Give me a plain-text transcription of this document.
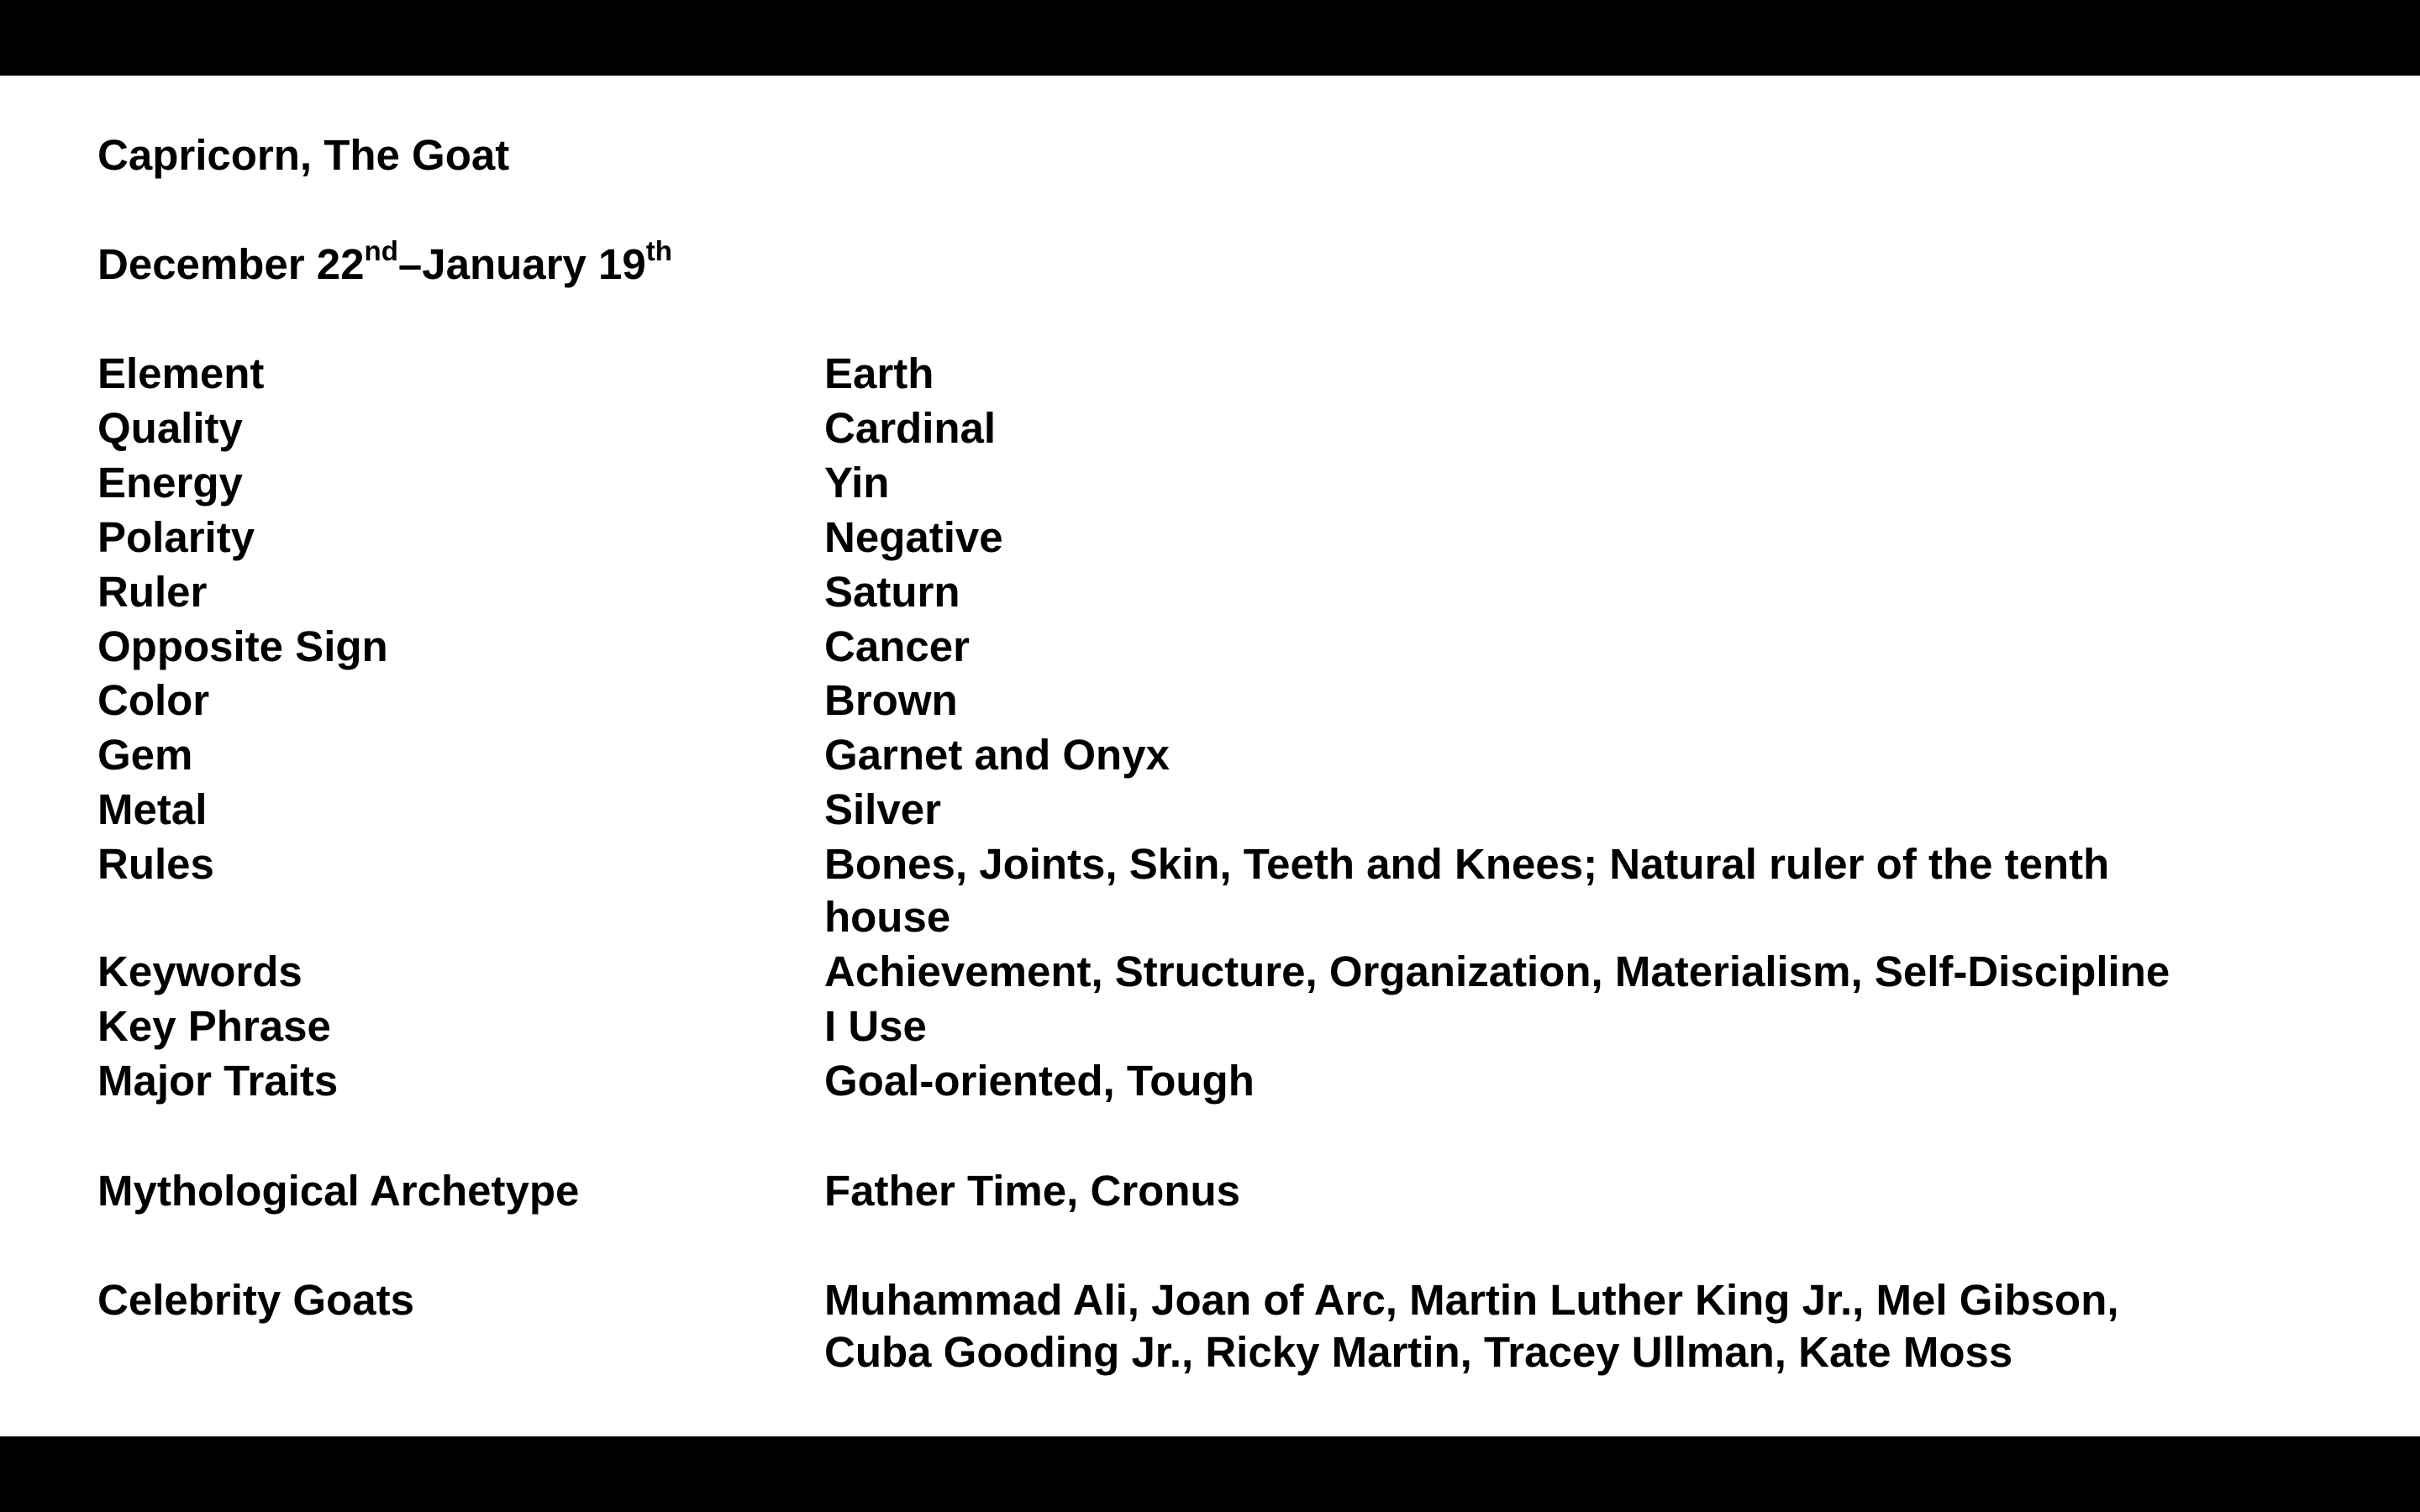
Capricorn, The Goat
December 22nd–January 19th
Element	Earth
Quality	Cardinal
Energy	Yin
Polarity	Negative
Ruler	Saturn
Opposite Sign	Cancer
Color	Brown
Gem	Garnet and Onyx
Metal	Silver
Rules	Bones, Joints, Skin, Teeth and Knees; Natural ruler of the tenth
house
Keywords	Achievement, Structure, Organization, Materialism, Self-Discipline
Key Phrase	I Use
Major Traits	Goal-oriented, Tough
Mythological Archetype	Father Time, Cronus
Celebrity Goats	Muhammad Ali, Joan of Arc, Martin Luther King Jr., Mel Gibson,
Cuba Gooding Jr., Ricky Martin, Tracey Ullman, Kate Moss
